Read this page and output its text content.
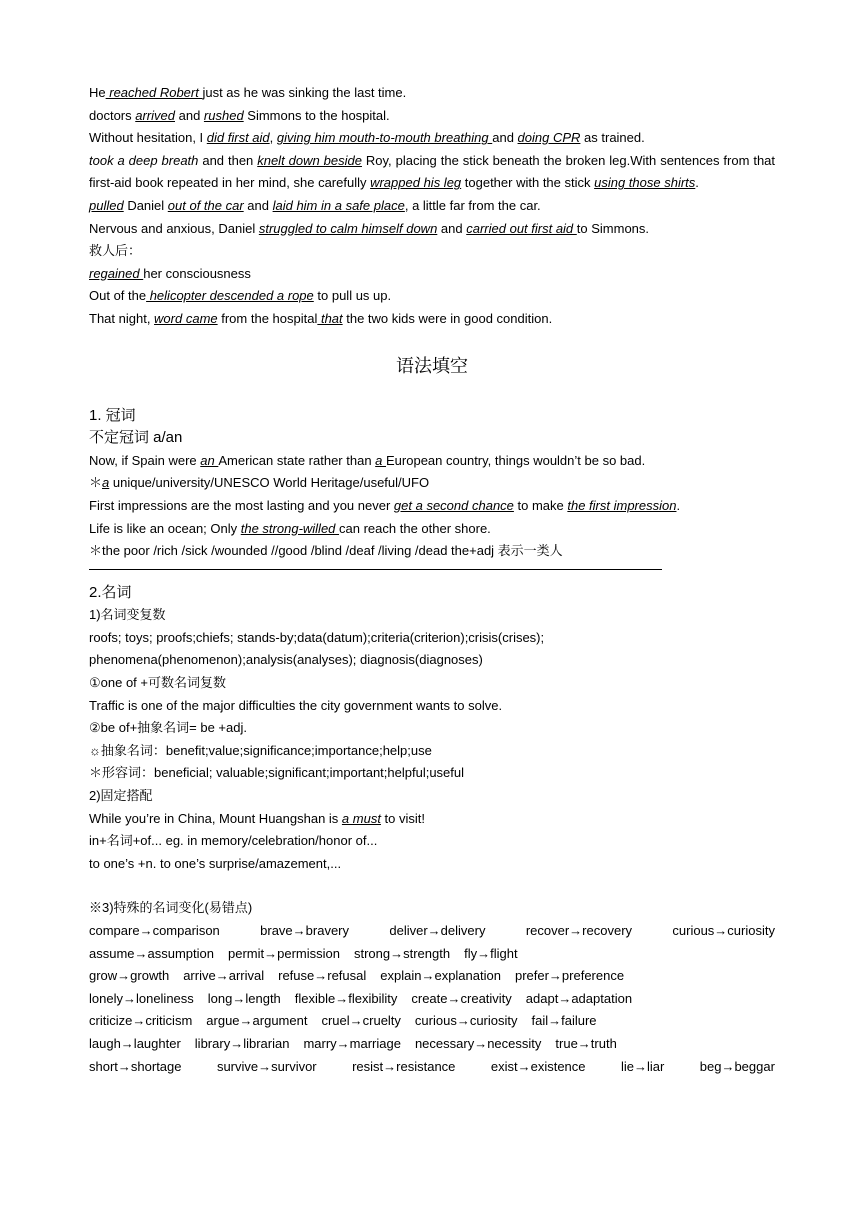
He reached Robert just as he was sinking the last time.
doctors arrived and rushed Simmons to the hospital.
Without hesitation, I did first aid, giving him mouth-to-mouth breathing and doing CPR as trained.
took a deep breath and then knelt down beside Roy, placing the stick beneath the broken leg.With sentences from that first-aid book repeated in her mind, she carefully wrapped his leg together with the stick using those shirts.
pulled Daniel out of the car and laid him in a safe place, a little far from the car.
Nervous and anxious, Daniel struggled to calm himself down and carried out first aid to Simmons.
救人后：
regained her consciousness
Out of the helicopter descended a rope to pull us up.
That night, word came from the hospital that the two kids were in good condition.
语法填空
1. 冠词
不定冠词 a/an
Now, if Spain were an American state rather than a European country, things wouldn’t be so bad.
＊a unique/university/UNESCO World Heritage/useful/UFO
First impressions are the most lasting and you never get a second chance to make the first impression.
Life is like an ocean; Only the strong-willed can reach the other shore.
＊the poor /rich /sick /wounded //good /blind /deaf /living /dead the+adj 表示一类人
2.名词
1)名词变复数
roofs; toys; proofs;chiefs; stands-by;data(datum);criteria(criterion);crisis(crises);
phenomena(phenomenon);analysis(analyses); diagnosis(diagnoses)
①one of +可数名词复数
Traffic is one of the major difficulties the city government wants to solve.
②be of+抽象名词= be +adj.
☼抽象名词：benefit;value;significance;importance;help;use
＊形容词：beneficial; valuable;significant;important;helpful;useful
2)固定搭配
While you’re in China, Mount Huangshan is a must to visit!
in+名词+of... eg. in memory/celebration/honor of...
to one’s +n. to one’s surprise/amazement,...
※3)特殊的名词变化(易错点)
compare→comparison	brave→bravery	deliver→delivery	recover→recovery	curious→curiosity
assume→assumption permit→permission strong→strength fly→flight
grow→growth arrive→arrival refuse→refusal explain→explanation prefer→preference
lonely→loneliness long→length flexible→flexibility create→creativity adapt→adaptation
criticize→criticism argue→argument cruel→cruelty curious→curiosity fail→failure
laugh→laughter library→librarian marry→marriage necessary→necessity true→truth
short→shortage	survive→survivor	resist→resistance	exist→existence	lie→liar	beg→beggar
